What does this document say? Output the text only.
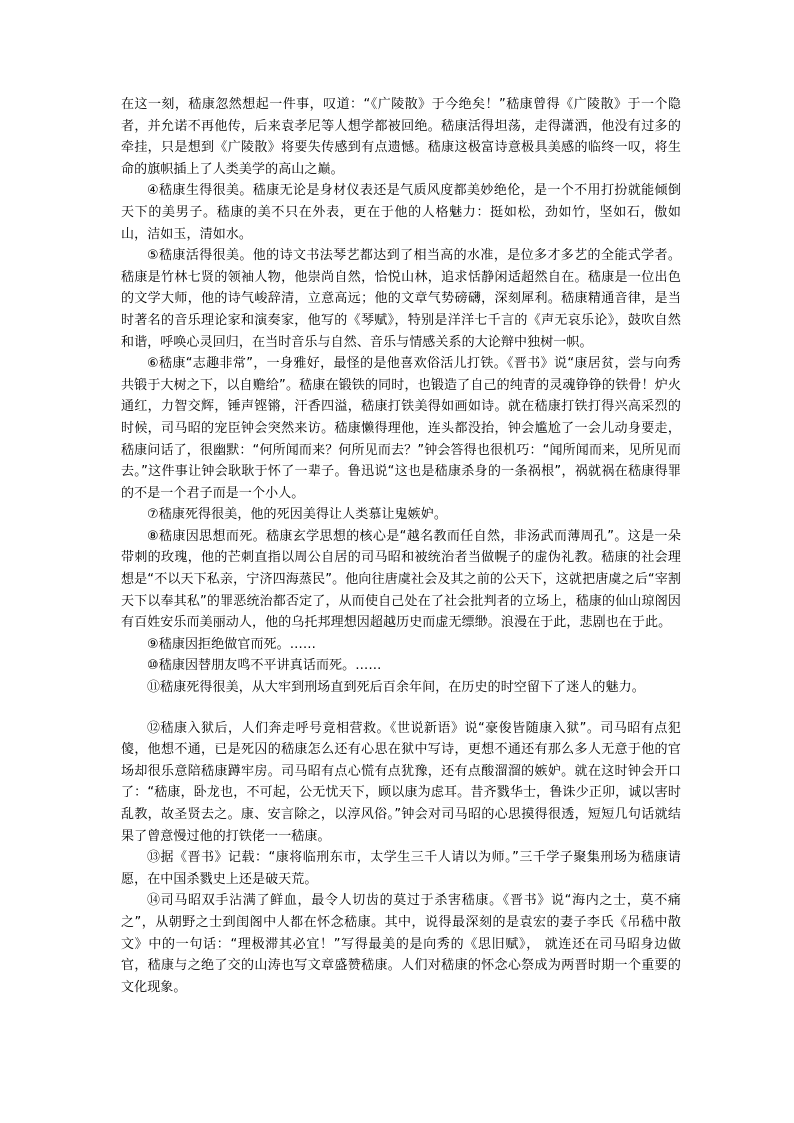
在这一刻，嵇康忽然想起一件事，叹道：“《广陵散》于今绝矣！”嵇康曾得《广陵散》于一个隐者，并允诺不再他传，后来袁孝尼等人想学都被回绝。嵇康活得坦荡，走得潇洒，他没有过多的牵挂，只是想到《广陵散》将要失传感到有点遗憾。嵇康这极富诗意极具美感的临终一叹，将生命的旗帜插上了人类美学的高山之巅。

④嵇康生得很美。嵇康无论是身材仪表还是气质风度都美妙绝伦，是一个不用打扮就能倾倒天下的美男子。嵇康的美不只在外表，更在于他的人格魅力：挺如松，劲如竹，坚如石，傲如山，洁如玉，清如水。

⑤嵇康活得很美。他的诗文书法琴艺都达到了相当高的水准，是位多才多艺的全能式学者。嵇康是竹林七贤的领袖人物，他崇尚自然，恰悦山林，追求恬静闲适超然自在。嵇康是一位出色的文学大师，他的诗气峻辞清，立意高远；他的文章气势磅礴，深刻犀利。嵇康精通音律，是当时著名的音乐理论家和演奏家，他写的《琴赋》，特别是洋洋七千言的《声无哀乐论》，鼓吹自然和谐，呼唤心灵回归，在当时音乐与自然、音乐与情感关系的大论辩中独树一帜。

⑥嵇康“志趣非常”，一身雅好，最怪的是他喜欢俗活儿打铁。《晋书》说“康居贫，尝与向秀共锻于大树之下，以自赡给”。嵇康在锻铁的同时，也锻造了自己的纯青的灵魂铮铮的铁骨！炉火通红，力智交辉，锤声铿锵，汗香四溢，嵇康打铁美得如画如诗。就在嵇康打铁打得兴高采烈的时候，司马昭的宠臣钟会突然来访。嵇康懒得理他，连头都没抬，钟会尴尬了一会儿动身要走，嵇康问话了，很幽默：“何所闻而来？何所见而去？”钟会答得也很机巧：“闻所闻而来，见所见而去。”这件事让钟会耿耿于怀了一辈子。鲁迅说“这也是嵇康杀身的一条祸根”，祸就祸在嵇康得罪的不是一个君子而是一个小人。

⑦嵇康死得很美，他的死因美得让人类慕让鬼嫉妒。

⑧嵇康因思想而死。嵇康玄学思想的核心是“越名教而任自然，非汤武而薄周孔”。这是一朵带刺的玫瑰，他的芒刺直指以周公自居的司马昭和被统治者当做幌子的虚伪礼教。嵇康的社会理想是“不以天下私亲，宁济四海蒸民”。他向往唐虞社会及其之前的公天下，这就把唐虞之后“宰割天下以奉其私”的罪恶统治都否定了，从而使自己处在了社会批判者的立场上，嵇康的仙山琼阁因有百姓安乐而美丽动人，他的乌托邦理想因超越历史而虚无缥缈。浪漫在于此，悲剧也在于此。

⑨嵇康因拒绝做官而死。……

⑩嵇康因替朋友鸣不平讲真话而死。……

⑪嵇康死得很美，从大牢到刑场直到死后百余年间，在历史的时空留下了迷人的魅力。

⑫嵇康入狱后，人们奔走呼号竟相营救。《世说新语》说“豪俊皆随康入狱”。司马昭有点犯傻，他想不通，已是死囚的嵇康怎么还有心思在狱中写诗，更想不通还有那么多人无意于他的官场却很乐意陪嵇康蹲牢房。司马昭有点心慌有点犹豫，还有点酸溜溜的嫉妒。就在这时钟会开口了：“嵇康，卧龙也，不可起，公无忧天下，顾以康为虑耳。昔齐戮华士，鲁诛少正卯，诚以害时乱教，故圣贤去之。康、安言除之，以淳风俗。”钟会对司马昭的心思摸得很透，短短几句话就结果了曾意慢过他的打铁佬一一嵇康。

⑬据《晋书》记载：“康将临刑东市，太学生三千人请以为师。”三千学子聚集刑场为嵇康请愿，在中国杀戮史上还是破天荒。

⑭司马昭双手沾满了鲜血，最令人切齿的莫过于杀害嵇康。《晋书》说“海内之士，莫不痛之”，从朝野之士到闺阁中人都在怀念嵇康。其中，说得最深刻的是袁宏的妻子李氏《吊嵇中散文》中的一句话：“理极滞其必宜！”写得最美的是向秀的《思旧赋》， 就连还在司马昭身边做官，嵇康与之绝了交的山涛也写文章盛赞嵇康。人们对嵇康的怀念心祭成为两晋时期一个重要的文化现象。
